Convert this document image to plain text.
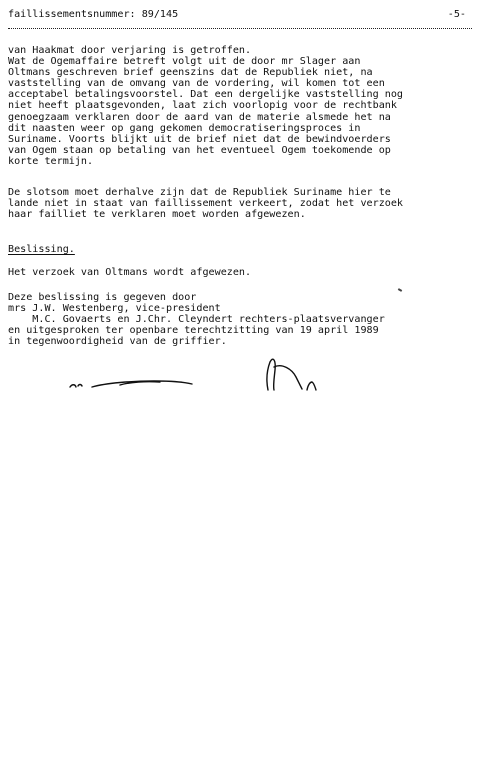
faillissementsnummer: 89/145	-5-
van Haakmat door verjaring is getroffen.
Wat de Ogemaffaire betreft volgt uit de door mr Slager aan
Oltmans geschreven brief geenszins dat de Republiek niet, na
vaststelling van de omvang van de vordering, wil komen tot een
acceptabel betalingsvoorstel. Dat een dergelijke vaststelling nog
niet heeft plaatsgevonden, laat zich voorlopig voor de rechtbank
genoegzaam verklaren door de aard van de materie alsmede het na
dit naasten weer op gang gekomen democratiseringsproces in
Suriname. Voorts blijkt uit de brief niet dat de bewindvoerders
van Ogem staan op betaling van het eventueel Ogem toekomende op
korte termijn.
De slotsom moet derhalve zijn dat de Republiek Suriname hier te
lande niet in staat van faillissement verkeert, zodat het verzoek
haar failliet te verklaren moet worden afgewezen.
Beslissing.
Het verzoek van Oltmans wordt afgewezen.
Deze beslissing is gegeven door
mrs J.W. Westenberg, vice-president
M.C. Govaerts en J.Chr. Cleyndert rechters-plaatsvervanger
en uitgesproken ter openbare terechtzitting van 19 april 1989
in tegenwoordigheid van de griffier.
